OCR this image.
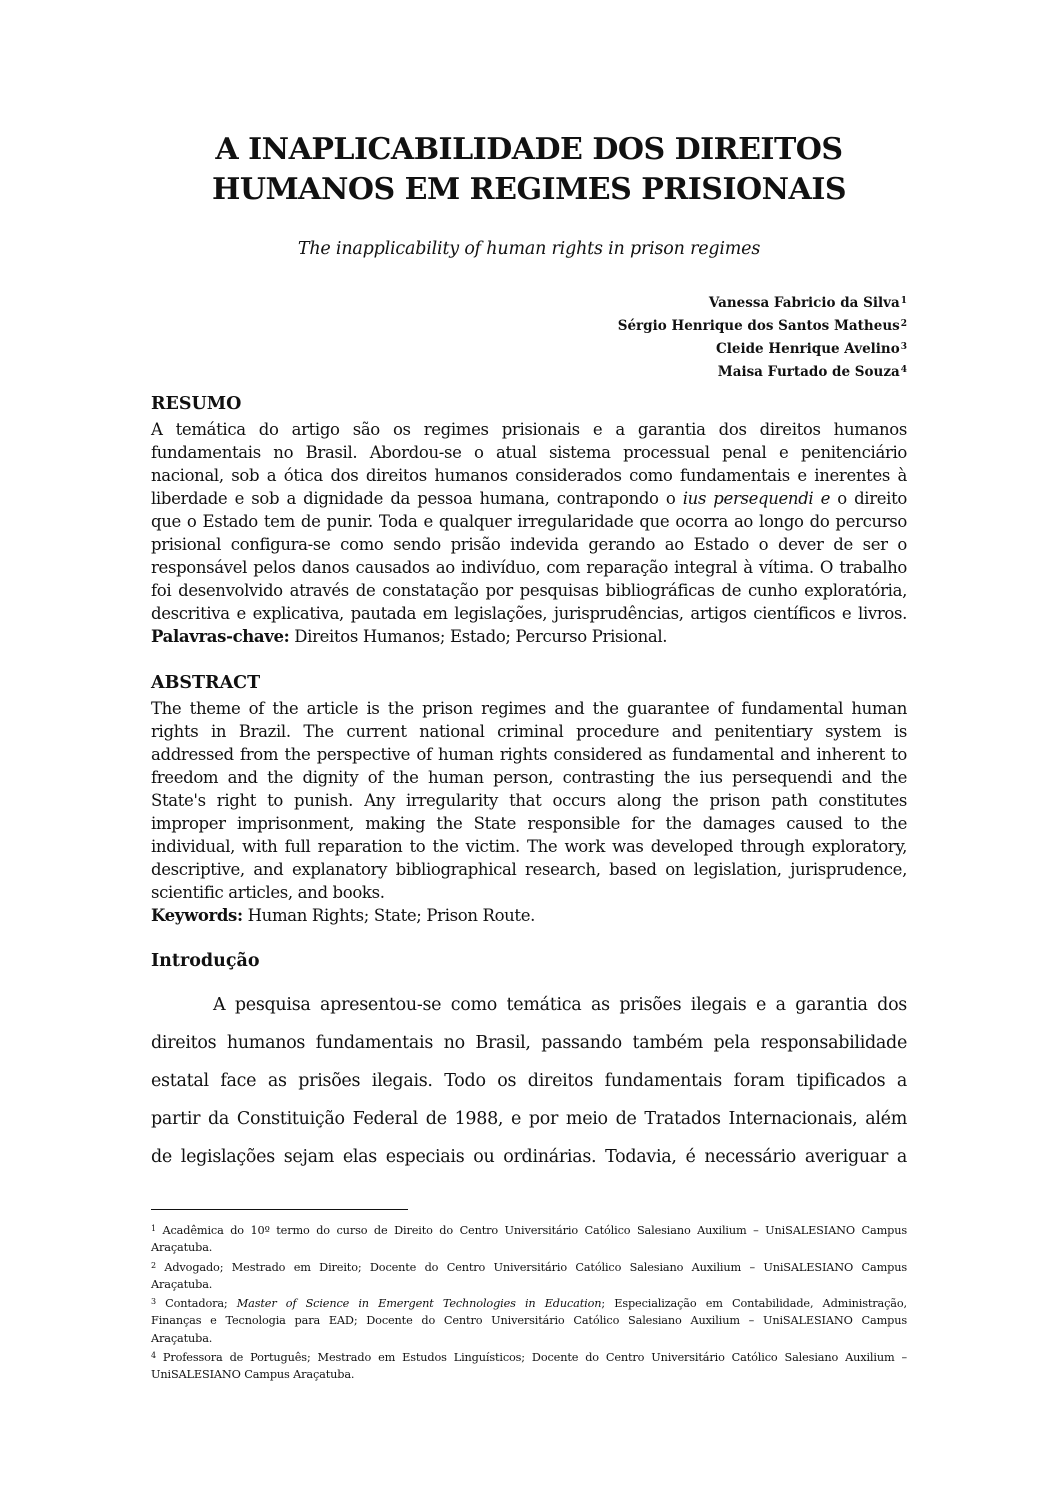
A INAPLICABILIDADE DOS DIREITOS
HUMANOS EM REGIMES PRISIONAIS
The inapplicability of human rights in prison regimes
Vanessa Fabricio da Silva$^1$
Sérgio Henrique dos Santos Matheus$^2$
Cleide Henrique Avelino$^3$
Maisa Furtado de Souza$^4$
RESUMO
A temática do artigo são os regimes prisionais e a garantia dos direitos humanos
fundamentais no Brasil. Abordou-se o atual sistema processual penal e penitenciário
nacional, sob a ótica dos direitos humanos considerados como fundamentais e inerentes à
liberdade e sob a dignidade da pessoa humana, contrapondo o ius persequendi e o direito
que o Estado tem de punir. Toda e qualquer irregularidade que ocorra ao longo do percurso
prisional configura-se como sendo prisão indevida gerando ao Estado o dever de ser o
responsável pelos danos causados ao indivíduo, com reparação integral à vítima. O trabalho
foi desenvolvido através de constatação por pesquisas bibliográficas de cunho exploratória,
descritiva e explicativa, pautada em legislações, jurisprudências, artigos científicos e livros.
Palavras-chave: Direitos Humanos; Estado; Percurso Prisional.
ABSTRACT
The theme of the article is the prison regimes and the guarantee of fundamental human
rights in Brazil. The current national criminal procedure and penitentiary system is
addressed from the perspective of human rights considered as fundamental and inherent to
freedom and the dignity of the human person, contrasting the ius persequendi and the
State's right to punish. Any irregularity that occurs along the prison path constitutes
improper imprisonment, making the State responsible for the damages caused to the
individual, with full reparation to the victim. The work was developed through exploratory,
descriptive, and explanatory bibliographical research, based on legislation, jurisprudence,
scientific articles, and books.
Keywords: Human Rights; State; Prison Route.
Introdução
A pesquisa apresentou-se como temática as prisões ilegais e a garantia dos
direitos humanos fundamentais no Brasil, passando também pela responsabilidade
estatal face as prisões ilegais. Todo os direitos fundamentais foram tipificados a
partir da Constituição Federal de 1988, e por meio de Tratados Internacionais, além
de legislações sejam elas especiais ou ordinárias. Todavia, é necessário averiguar a
$^1$ Acadêmica do 10º termo do curso de Direito do Centro Universitário Católico Salesiano Auxilium – UniSALESIANO Campus
Araçatuba.
$^2$ Advogado; Mestrado em Direito; Docente do Centro Universitário Católico Salesiano Auxilium – UniSALESIANO Campus
Araçatuba.
$^3$ Contadora; Master of Science in Emergent Technologies in Education; Especialização em Contabilidade, Administração,
Finanças e Tecnologia para EAD; Docente do Centro Universitário Católico Salesiano Auxilium – UniSALESIANO Campus
Araçatuba.
$^4$ Professora de Português; Mestrado em Estudos Linguísticos; Docente do Centro Universitário Católico Salesiano Auxilium –
UniSALESIANO Campus Araçatuba.
